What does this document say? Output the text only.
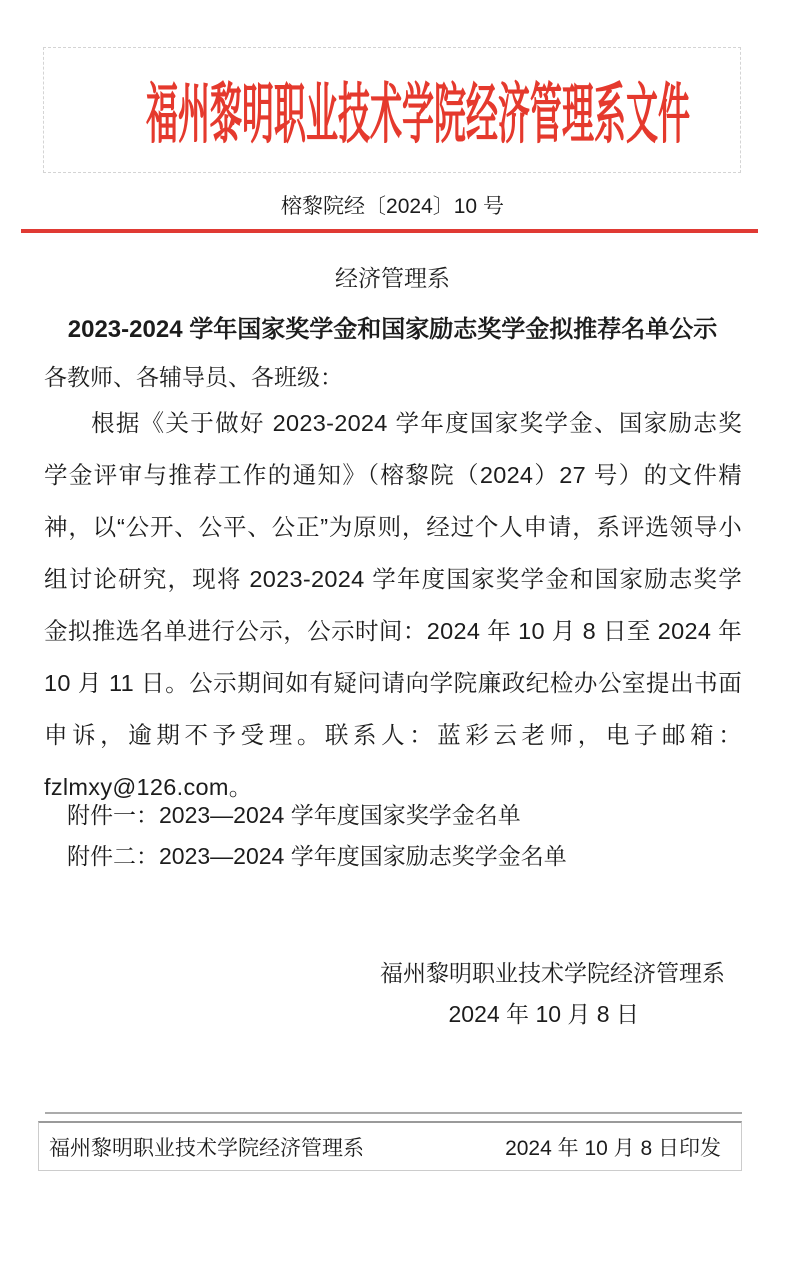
福州黎明职业技术学院经济管理系文件
榕黎院经〔2024〕10 号
经济管理系
2023-2024 学年国家奖学金和国家励志奖学金拟推荐名单公示
各教师、各辅导员、各班级：
根据《关于做好 2023-2024 学年度国家奖学金、国家励志奖学金评审与推荐工作的通知》（榕黎院（2024）27 号）的文件精神，以“公开、公平、公正”为原则，经过个人申请，系评选领导小组讨论研究，现将 2023-2024 学年度国家奖学金和国家励志奖学金拟推选名单进行公示，公示时间：2024 年 10 月 8 日至 2024 年 10 月 11 日。公示期间如有疑问请向学院廉政纪检办公室提出书面申诉，逾期不予受理。联系人：蓝彩云老师，电子邮箱：fzlmxy@126.com。
附件一：2023—2024 学年度国家奖学金名单
附件二：2023—2024 学年度国家励志奖学金名单
福州黎明职业技术学院经济管理系
2024 年 10 月 8 日
福州黎明职业技术学院经济管理系	2024 年 10 月 8 日印发
